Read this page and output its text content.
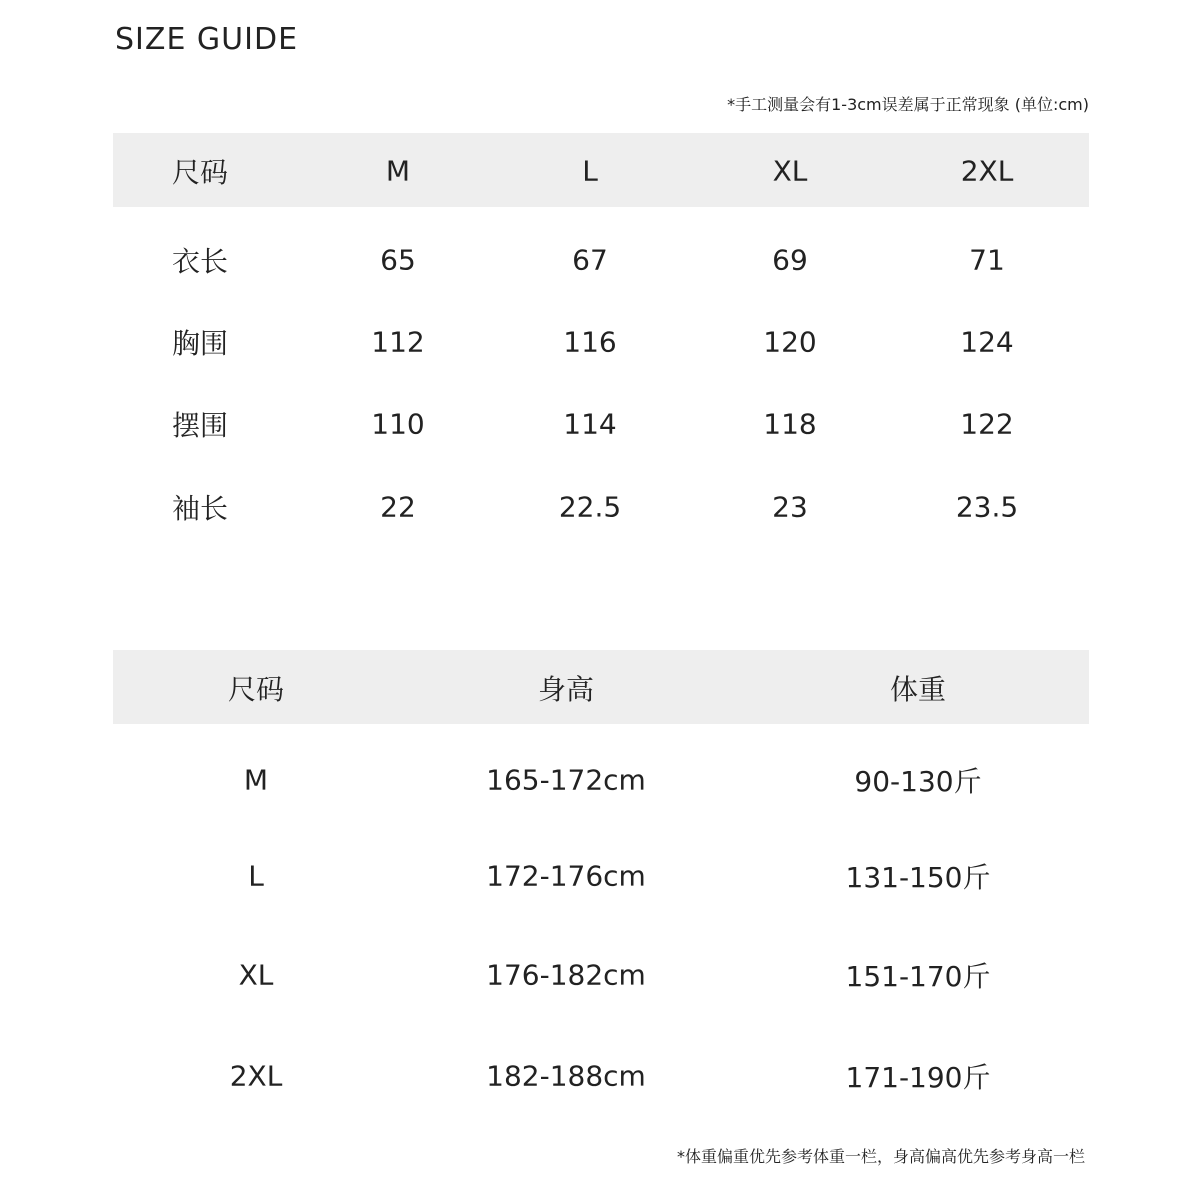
SIZE GUIDE
*手工测量会有1-3cm误差属于正常现象 (单位:cm)
尺码	M	L	XL	2XL
衣长	65	67	69	71
胸围	112	116	120	124
摆围	110	114	118	122
袖长	22	22.5	23	23.5
尺码	身高	体重
M	165-172cm	90-130斤
L	172-176cm	131-150斤
XL	176-182cm	151-170斤
2XL	182-188cm	171-190斤
*体重偏重优先参考体重一栏，身高偏高优先参考身高一栏
